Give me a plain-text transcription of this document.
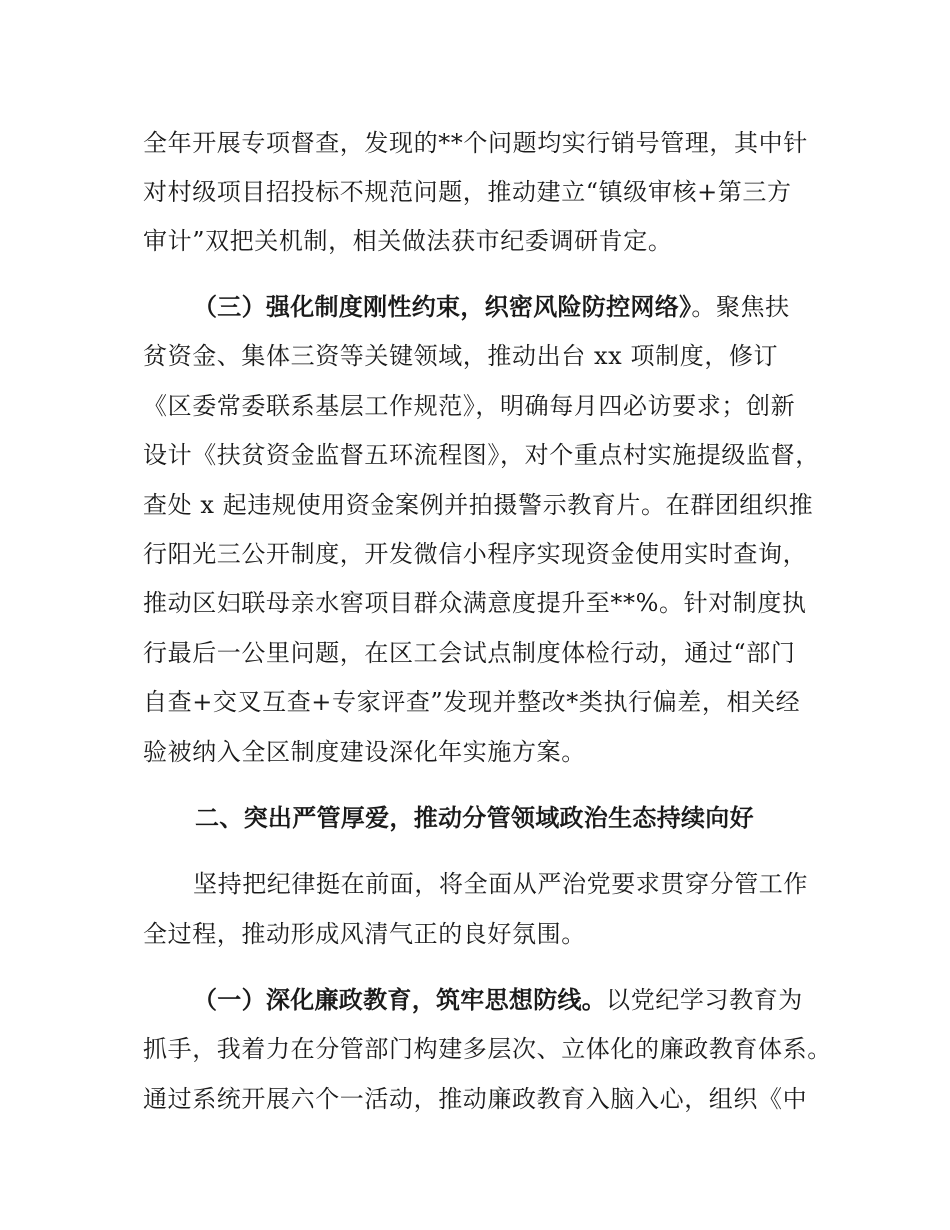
全年开展专项督查，发现的**个问题均实行销号管理，其中针
对村级项目招投标不规范问题，推动建立“镇级审核+第三方
审计”双把关机制，相关做法获市纪委调研肯定。
（三）强化制度刚性约束，织密风险防控网络》。聚焦扶
贫资金、集体三资等关键领域，推动出台 xx 项制度，修订
《区委常委联系基层工作规范》，明确每月四必访要求；创新
设计《扶贫资金监督五环流程图》，对个重点村实施提级监督，
查处 x 起违规使用资金案例并拍摄警示教育片。在群团组织推
行阳光三公开制度，开发微信小程序实现资金使用实时查询，
推动区妇联母亲水窖项目群众满意度提升至**%。针对制度执
行最后一公里问题，在区工会试点制度体检行动，通过“部门
自查+交叉互查+专家评查”发现并整改*类执行偏差，相关经
验被纳入全区制度建设深化年实施方案。
二、突出严管厚爱，推动分管领域政治生态持续向好
坚持把纪律挺在前面，将全面从严治党要求贯穿分管工作
全过程，推动形成风清气正的良好氛围。
（一）深化廉政教育，筑牢思想防线。以党纪学习教育为
抓手，我着力在分管部门构建多层次、立体化的廉政教育体系。
通过系统开展六个一活动，推动廉政教育入脑入心，组织《中
